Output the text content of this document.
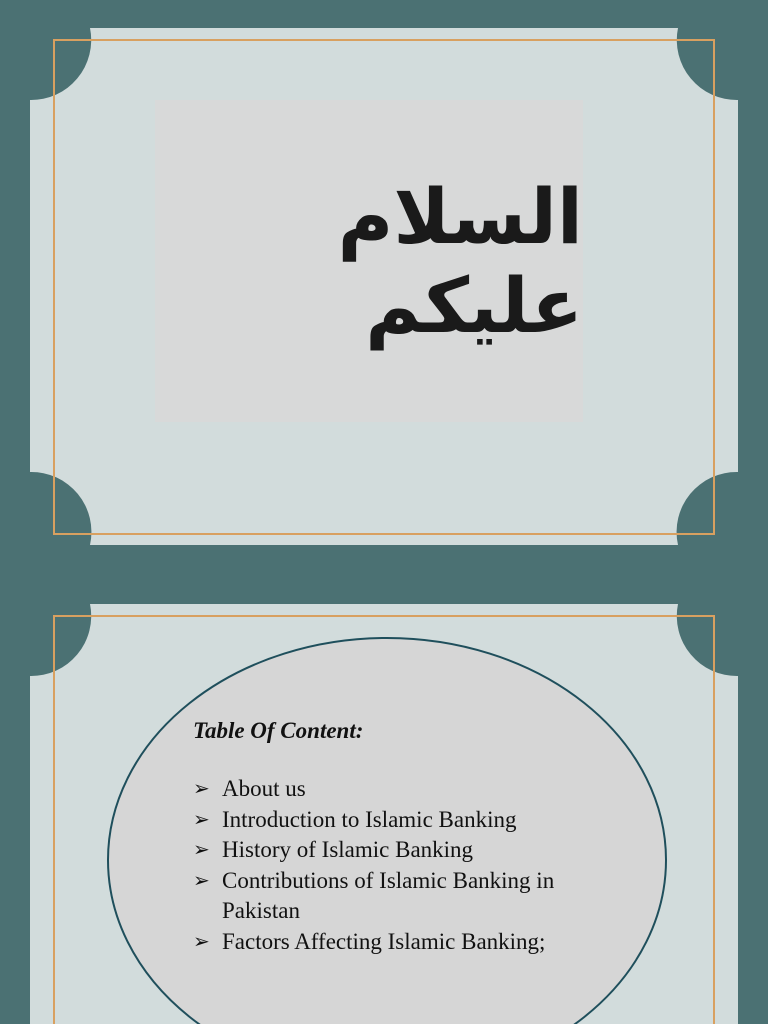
السلام عليكم
Table Of Content:
➢ About us
➢ Introduction to Islamic Banking
➢ History of Islamic Banking
➢ Contributions of Islamic Banking in Pakistan
➢ Factors Affecting Islamic Banking;
